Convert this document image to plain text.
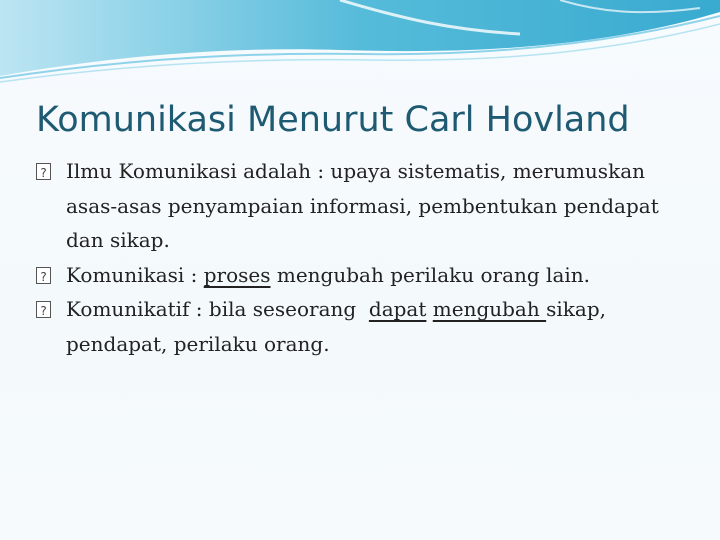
Komunikasi Menurut Carl Hovland
?
Ilmu Komunikasi adalah : upaya sistematis, merumuskan asas-asas penyampaian informasi, pembentukan pendapat dan sikap.
?
Komunikasi : proses mengubah perilaku orang lain.
?
Komunikatif : bila seseorang  dapat mengubah sikap, pendapat, perilaku orang.
